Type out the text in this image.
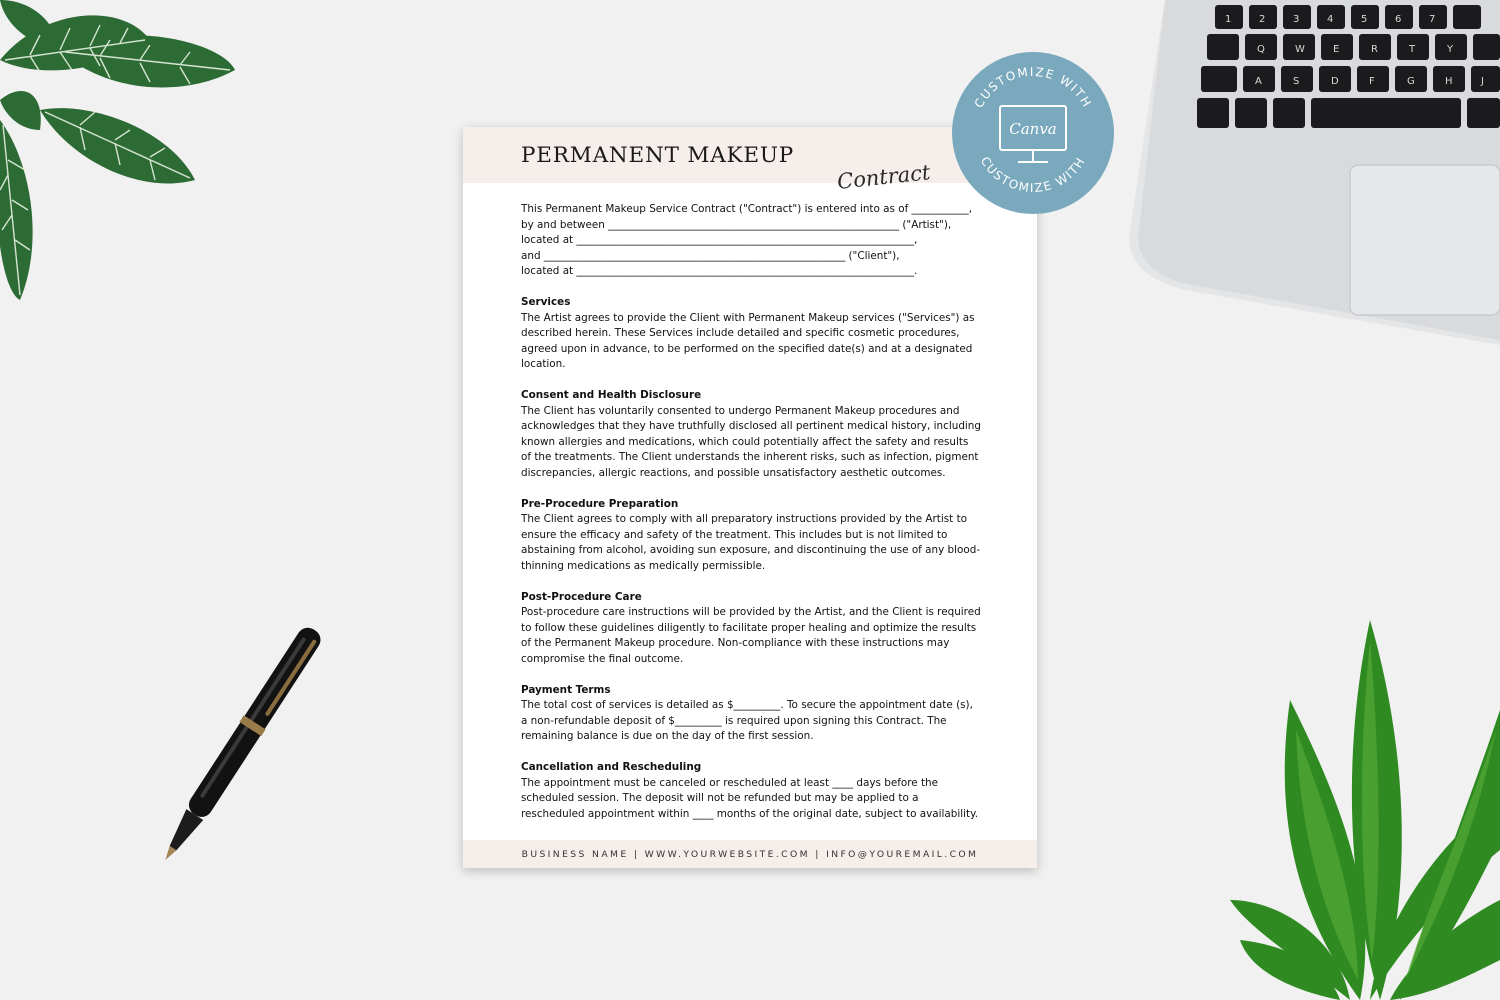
1	2	3	4	5	6	7
Q	W	E	R	T	Y
A	S	D	F	G	H	J
PERMANENT MAKEUP
Contract
This Permanent Makeup Service Contract ("Contract") is entered into as of ___________,
by and between ________________________________________________________ ("Artist"),
located at _________________________________________________________________,
and __________________________________________________________ ("Client"),
located at _________________________________________________________________.
Services
The Artist agrees to provide the Client with Permanent Makeup services ("Services") as described herein. These Services include detailed and specific cosmetic procedures, agreed upon in advance, to be performed on the specified date(s) and at a designated location.
Consent and Health Disclosure
The Client has voluntarily consented to undergo Permanent Makeup procedures and acknowledges that they have truthfully disclosed all pertinent medical history, including known allergies and medications, which could potentially affect the safety and results of the treatments. The Client understands the inherent risks, such as infection, pigment discrepancies, allergic reactions, and possible unsatisfactory aesthetic outcomes.
Pre-Procedure Preparation
The Client agrees to comply with all preparatory instructions provided by the Artist to ensure the efficacy and safety of the treatment. This includes but is not limited to abstaining from alcohol, avoiding sun exposure, and discontinuing the use of any blood-thinning medications as medically permissible.
Post-Procedure Care
Post-procedure care instructions will be provided by the Artist, and the Client is required to follow these guidelines diligently to facilitate proper healing and optimize the results of the Permanent Makeup procedure. Non-compliance with these instructions may compromise the final outcome.
Payment Terms
The total cost of services is detailed as $_________. To secure the appointment date (s), a non-refundable deposit of $_________ is required upon signing this Contract. The remaining balance is due on the day of the first session.
Cancellation and Rescheduling
The appointment must be canceled or rescheduled at least ____ days before the scheduled session. The deposit will not be refunded but may be applied to a rescheduled appointment within ____ months of the original date, subject to availability.
BUSINESS NAME | WWW.YOURWEBSITE.COM | INFO@YOUREMAIL.COM
CUSTOMIZE WITH
CUSTOMIZE WITH
Canva
